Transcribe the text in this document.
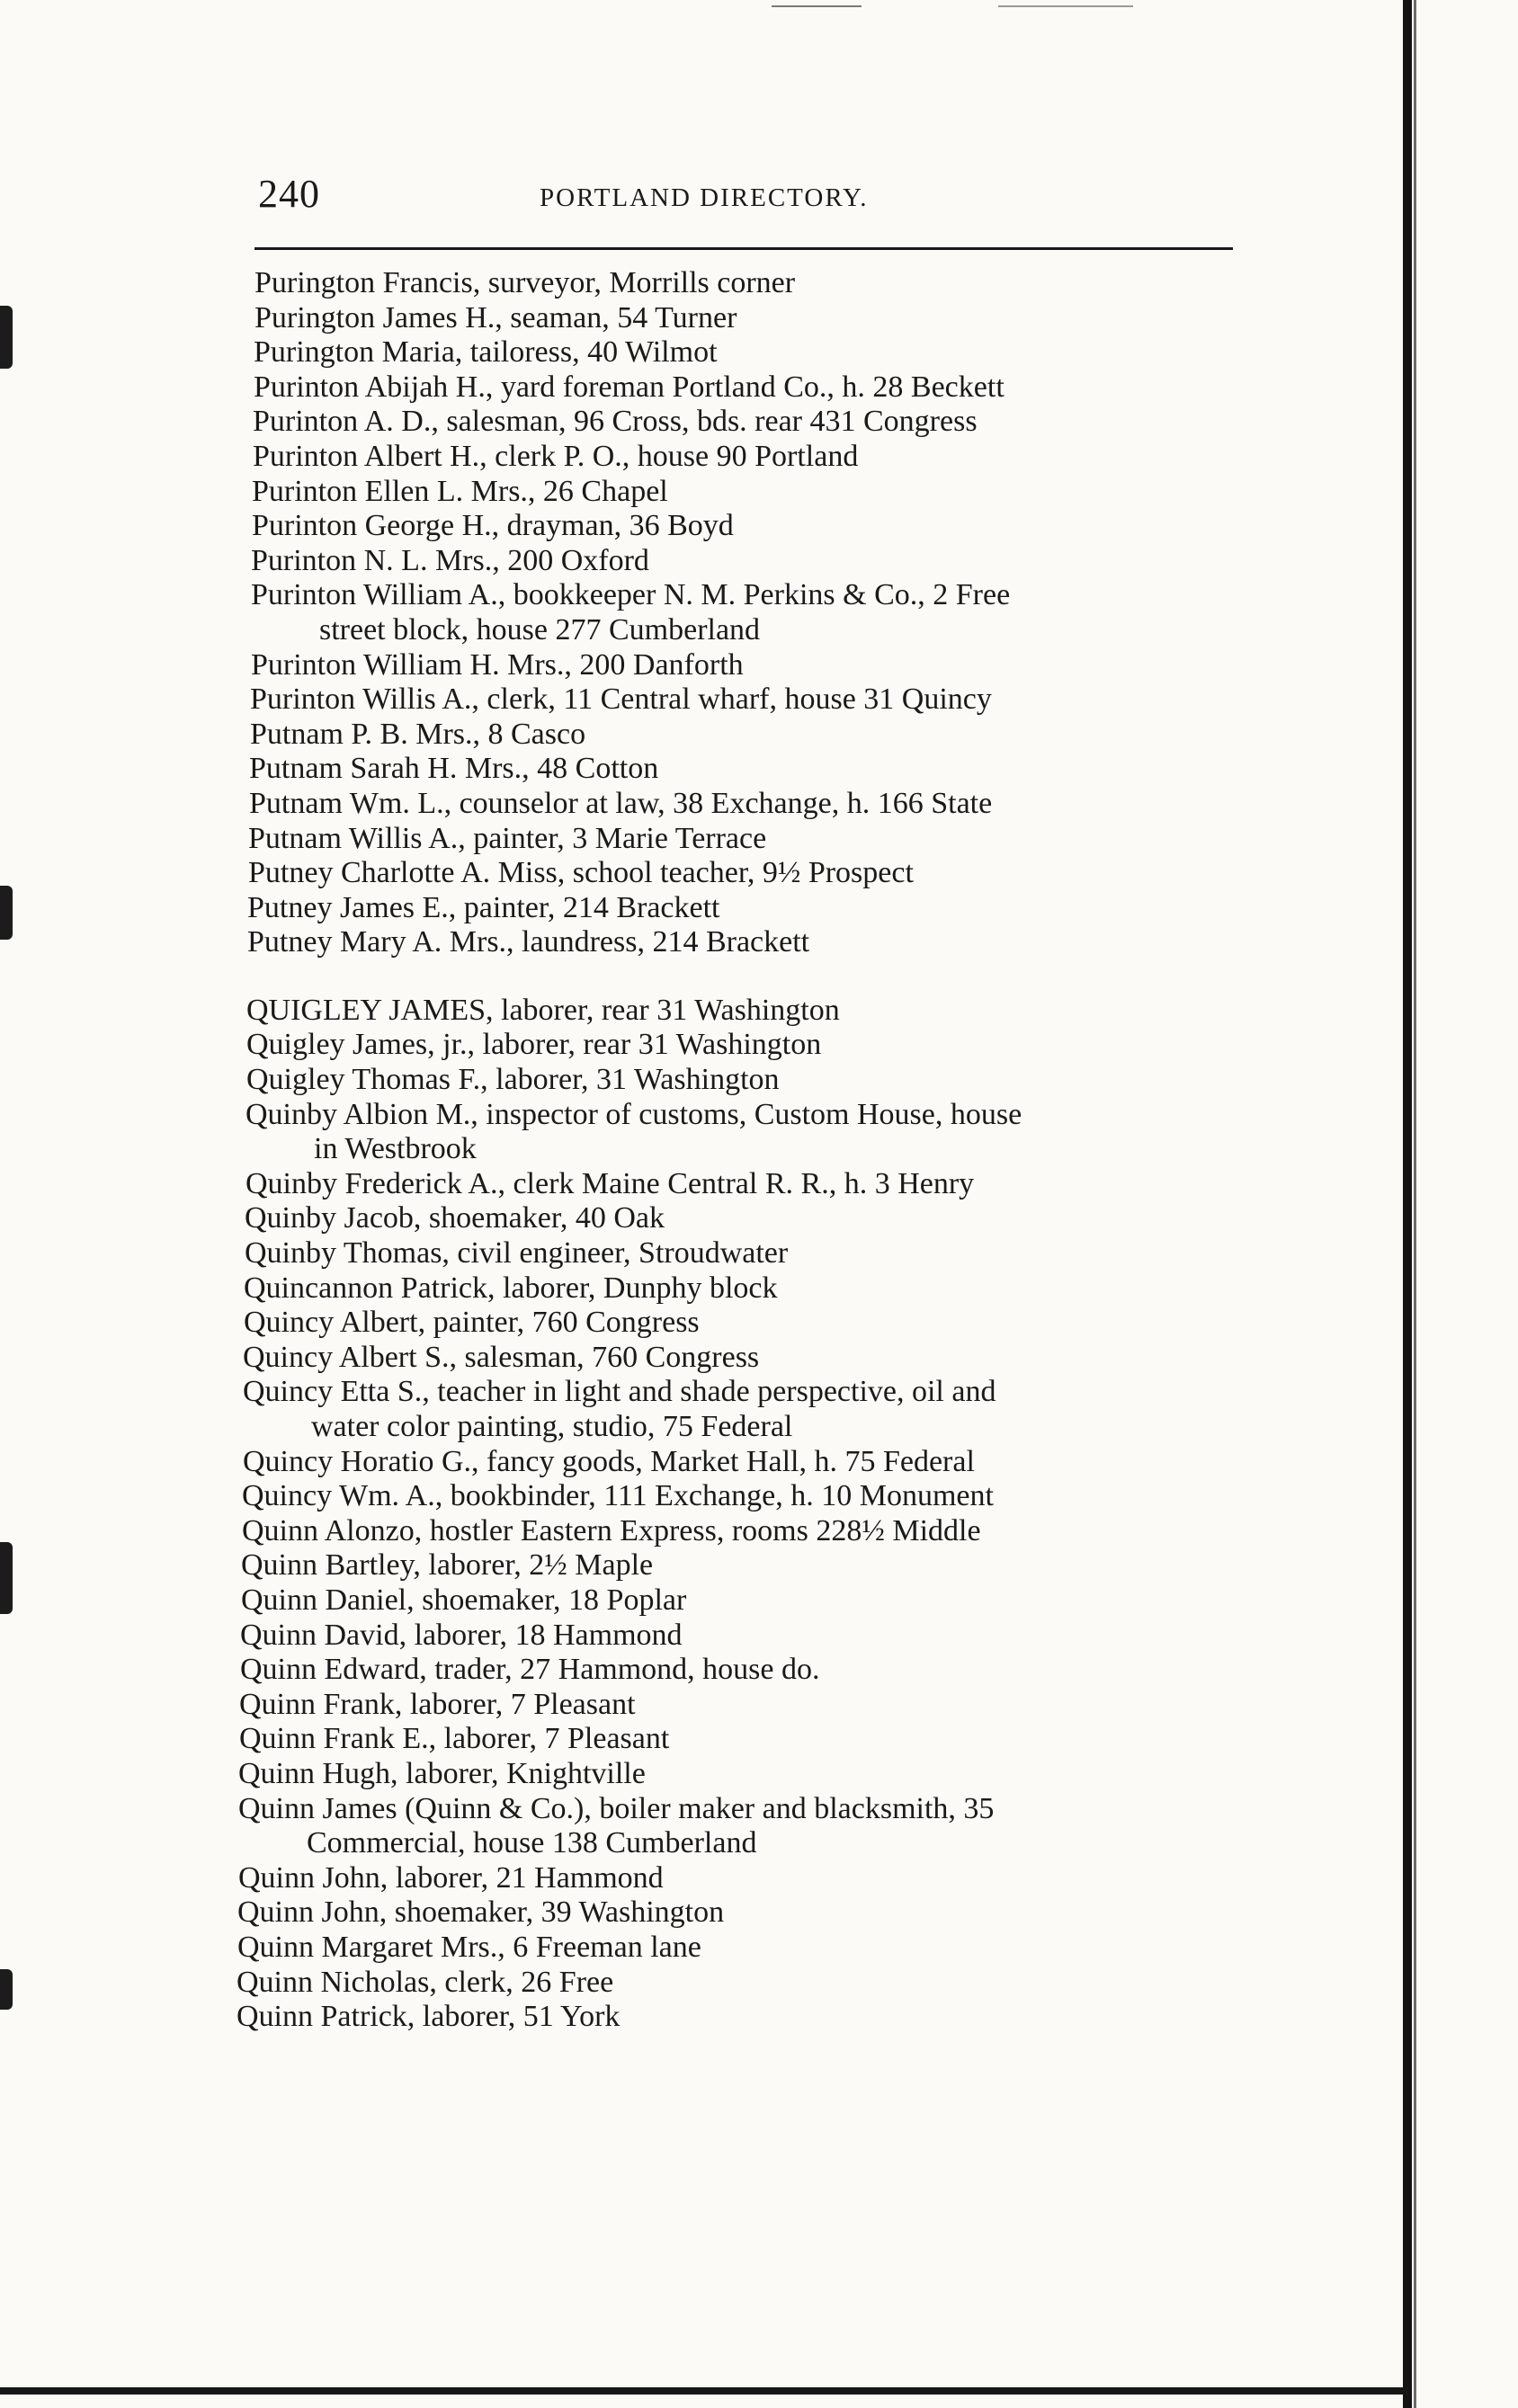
240	PORTLAND DIRECTORY.
Purington Francis, surveyor, Morrills corner
Purington James H., seaman, 54 Turner
Purington Maria, tailoress, 40 Wilmot
Purinton Abijah H., yard foreman Portland Co., h. 28 Beckett
Purinton A. D., salesman, 96 Cross, bds. rear 431 Congress
Purinton Albert H., clerk P. O., house 90 Portland
Purinton Ellen L. Mrs., 26 Chapel
Purinton George H., drayman, 36 Boyd
Purinton N. L. Mrs., 200 Oxford
Purinton William A., bookkeeper N. M. Perkins & Co., 2 Free
street block, house 277 Cumberland
Purinton William H. Mrs., 200 Danforth
Purinton Willis A., clerk, 11 Central wharf, house 31 Quincy
Putnam P. B. Mrs., 8 Casco
Putnam Sarah H. Mrs., 48 Cotton
Putnam Wm. L., counselor at law, 38 Exchange, h. 166 State
Putnam Willis A., painter, 3 Marie Terrace
Putney Charlotte A. Miss, school teacher, 9½ Prospect
Putney James E., painter, 214 Brackett
Putney Mary A. Mrs., laundress, 214 Brackett
QUIGLEY JAMES, laborer, rear 31 Washington
Quigley James, jr., laborer, rear 31 Washington
Quigley Thomas F., laborer, 31 Washington
Quinby Albion M., inspector of customs, Custom House, house
in Westbrook
Quinby Frederick A., clerk Maine Central R. R., h. 3 Henry
Quinby Jacob, shoemaker, 40 Oak
Quinby Thomas, civil engineer, Stroudwater
Quincannon Patrick, laborer, Dunphy block
Quincy Albert, painter, 760 Congress
Quincy Albert S., salesman, 760 Congress
Quincy Etta S., teacher in light and shade perspective, oil and
water color painting, studio, 75 Federal
Quincy Horatio G., fancy goods, Market Hall, h. 75 Federal
Quincy Wm. A., bookbinder, 111 Exchange, h. 10 Monument
Quinn Alonzo, hostler Eastern Express, rooms 228½ Middle
Quinn Bartley, laborer, 2½ Maple
Quinn Daniel, shoemaker, 18 Poplar
Quinn David, laborer, 18 Hammond
Quinn Edward, trader, 27 Hammond, house do.
Quinn Frank, laborer, 7 Pleasant
Quinn Frank E., laborer, 7 Pleasant
Quinn Hugh, laborer, Knightville
Quinn James (Quinn & Co.), boiler maker and blacksmith, 35
Commercial, house 138 Cumberland
Quinn John, laborer, 21 Hammond
Quinn John, shoemaker, 39 Washington
Quinn Margaret Mrs., 6 Freeman lane
Quinn Nicholas, clerk, 26 Free
Quinn Patrick, laborer, 51 York
